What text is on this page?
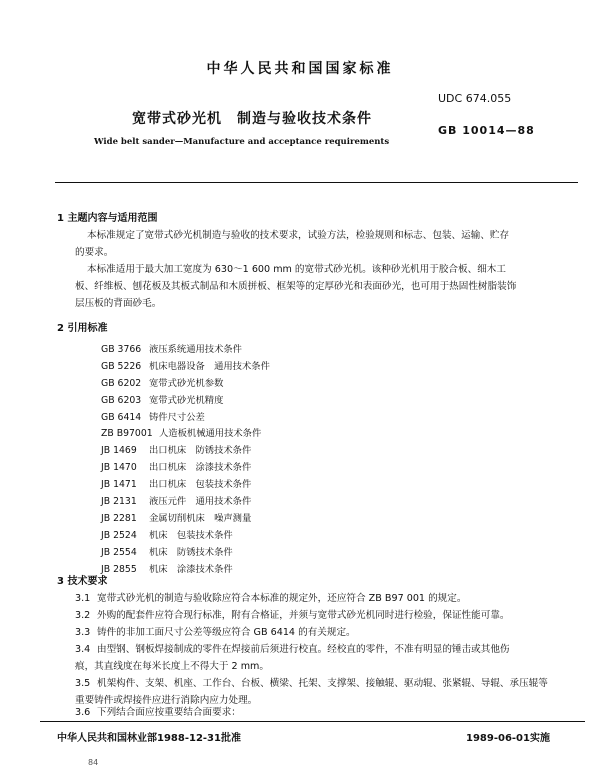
中华人民共和国国家标准
UDC 674.055
宽带式砂光机　制造与验收技术条件
GB 10014—88
Wide belt sander—Manufacture and acceptance requirements
1 主题内容与适用范围
本标准规定了宽带式砂光机制造与验收的技术要求，试验方法，检验规则和标志、包装、运输、贮存
的要求。
本标准适用于最大加工宽度为 630～1 600 mm 的宽带式砂光机。该种砂光机用于胶合板、细木工
板、纤维板、刨花板及其板式制品和木质拼板、框架等的定厚砂光和表面砂光，也可用于热固性树脂装饰
层压板的背面砂毛。
2 引用标准
GB 3766 液压系统通用技术条件
GB 5226 机床电器设备　通用技术条件
GB 6202 宽带式砂光机参数
GB 6203 宽带式砂光机精度
GB 6414 铸件尺寸公差
ZB B97001 人造板机械通用技术条件
JB 1469 出口机床　防锈技术条件
JB 1470 出口机床　涂漆技术条件
JB 1471 出口机床　包装技术条件
JB 2131 液压元件　通用技术条件
JB 2281 金属切削机床　噪声测量
JB 2524 机床　包装技术条件
JB 2554 机床　防锈技术条件
JB 2855 机床　涂漆技术条件
3 技术要求
3.1 宽带式砂光机的制造与验收除应符合本标准的规定外，还应符合 ZB B97 001 的规定。
3.2 外购的配套件应符合现行标准，附有合格证，并须与宽带式砂光机同时进行检验，保证性能可靠。
3.3 铸件的非加工面尺寸公差等级应符合 GB 6414 的有关规定。
3.4 由型钢、钢板焊接制成的零件在焊接前后须进行校直。经校直的零件，不准有明显的锤击或其他伤
痕，其直线度在每米长度上不得大于 2 mm。
3.5 机架构件、支架、机座、工作台、台板、横梁、托架、支撑架、接触辊、驱动辊、张紧辊、导辊、承压辊等
重要铸件或焊接件应进行消除内应力处理。
3.6 下列结合面应按重要结合面要求：
中华人民共和国林业部1988-12-31批准	1989-06-01实施
84
